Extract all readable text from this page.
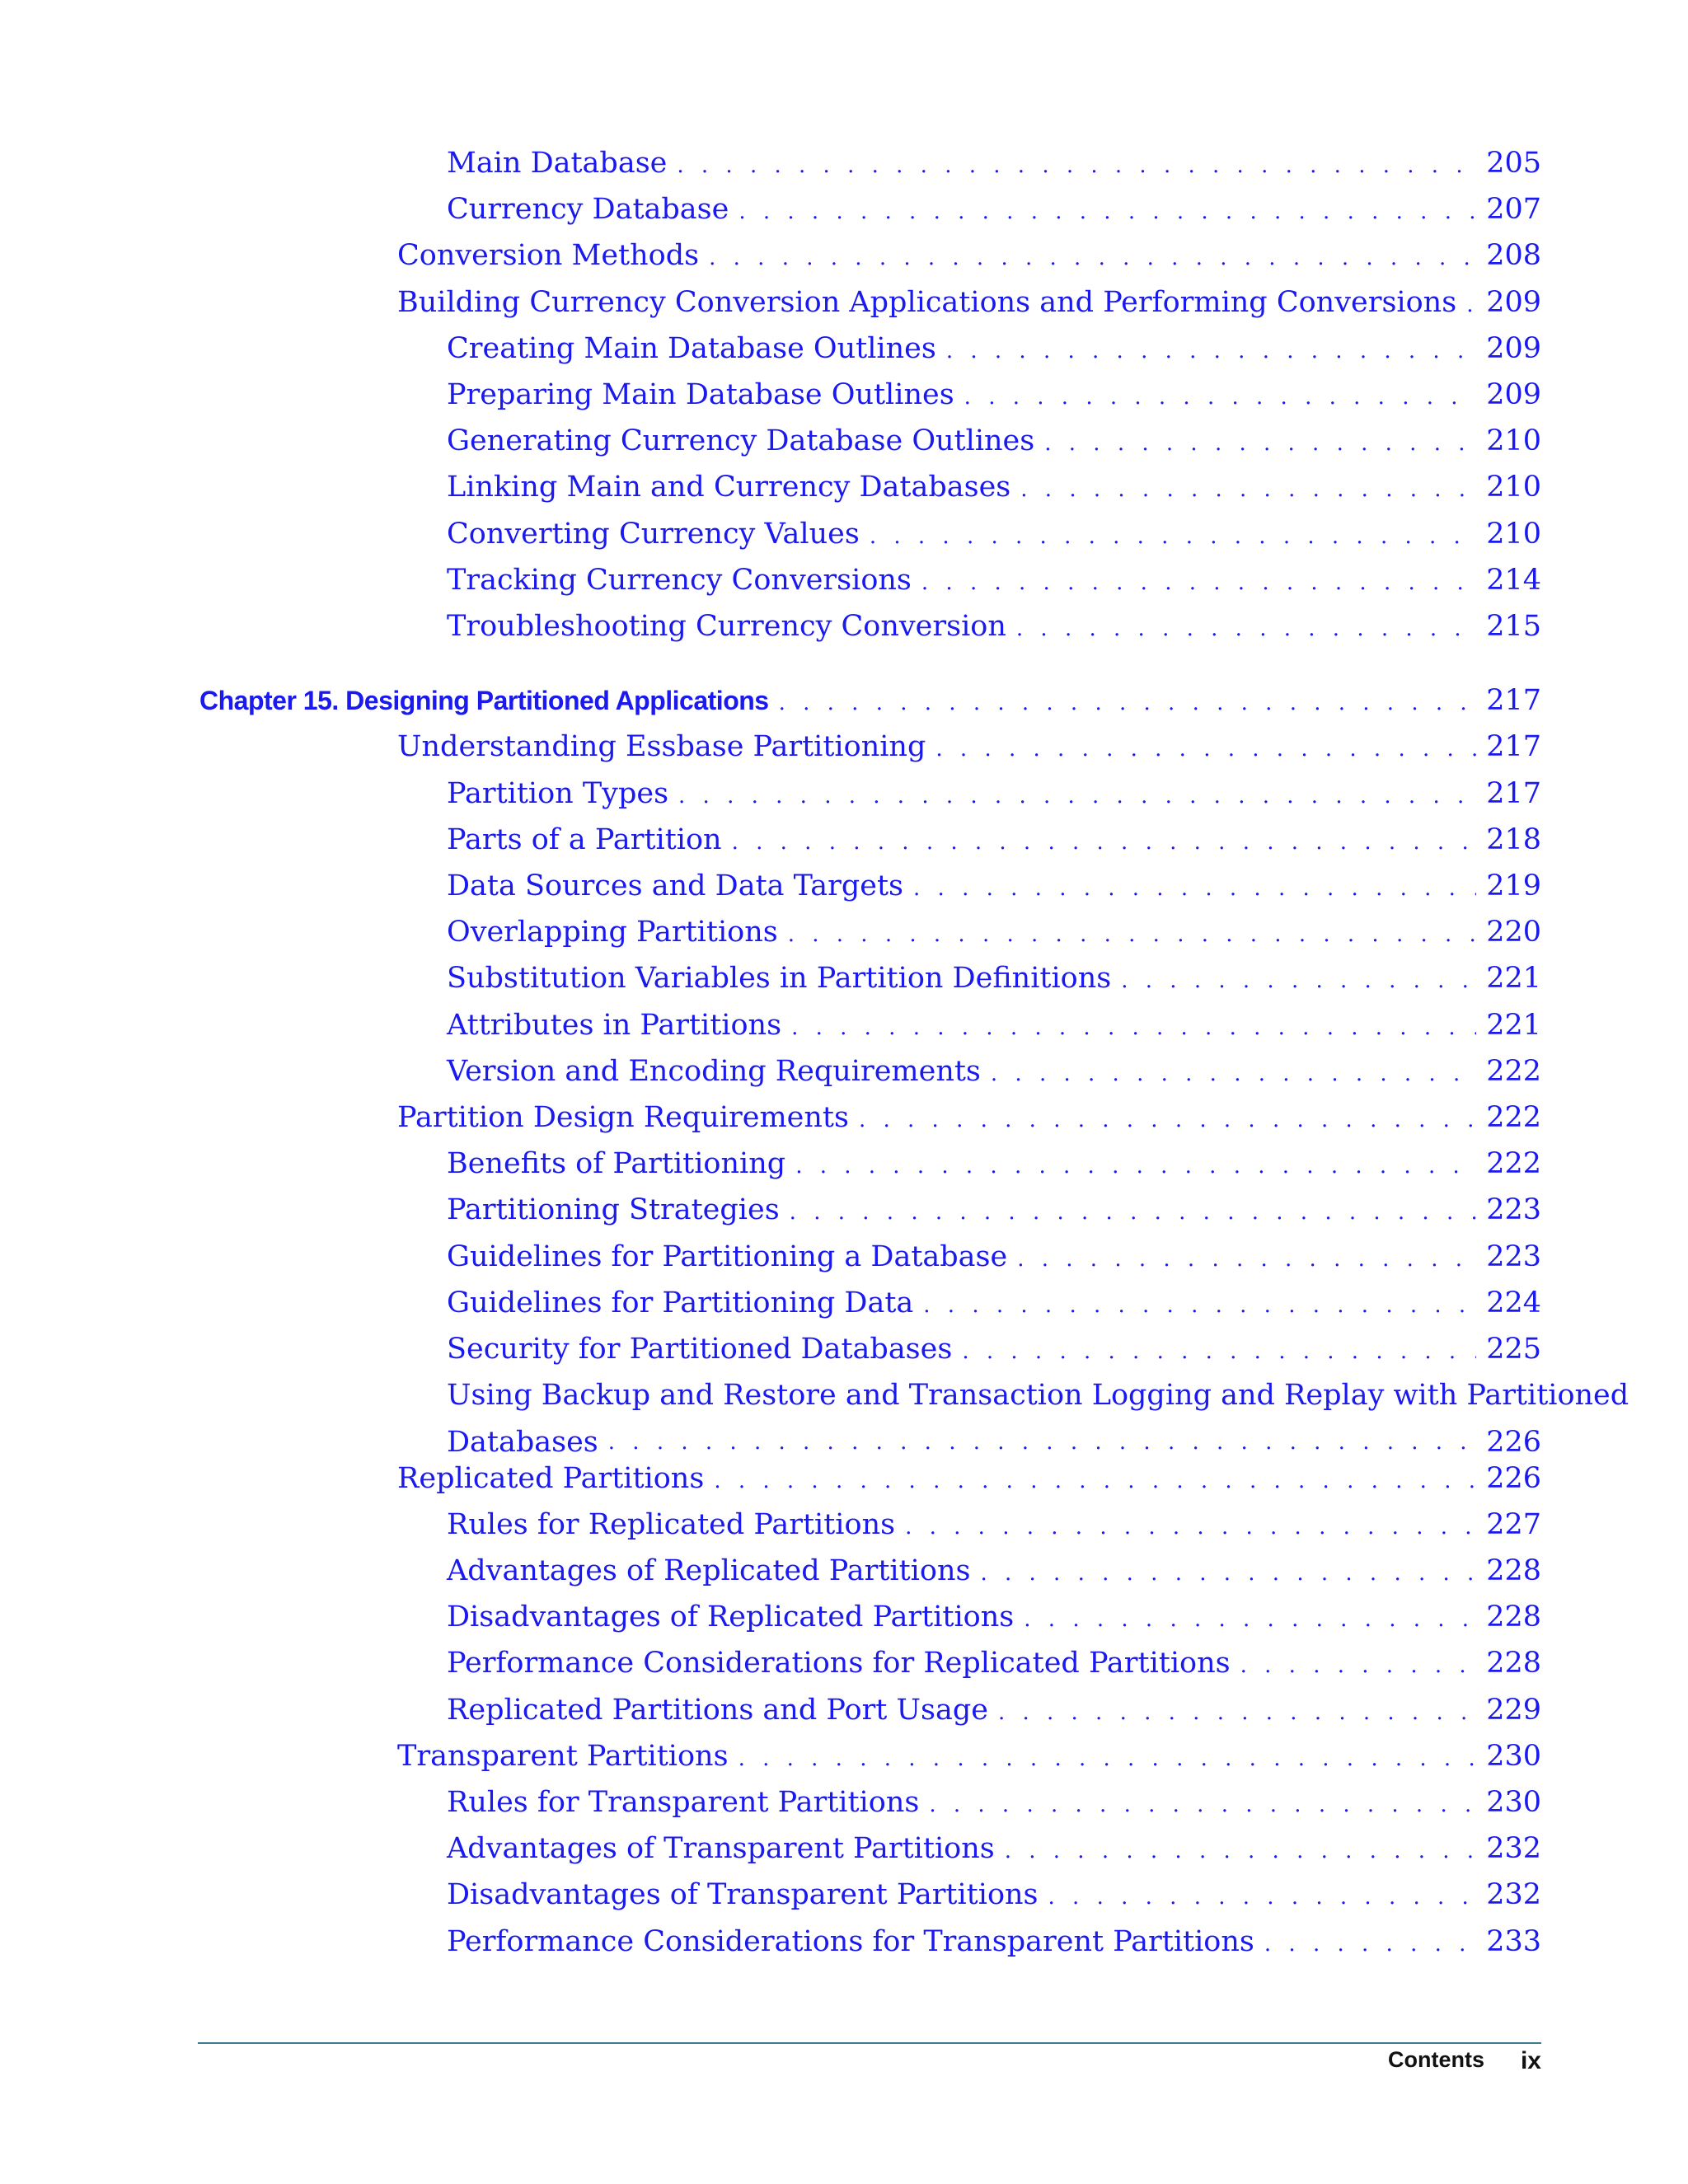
Main Database . . .	205
Currency Database . . .	207
Conversion Methods . . .	208
Building Currency Conversion Applications and Performing Conversions . . . 209
Creating Main Database Outlines . . .	209
Preparing Main Database Outlines . . .	209
Generating Currency Database Outlines . . .	210
Linking Main and Currency Databases . . .	210
Converting Currency Values . . .	210
Tracking Currency Conversions . . .	214
Troubleshooting Currency Conversion . . .	215
Chapter 15. Designing Partitioned Applications . . .	217
Understanding Essbase Partitioning . . .	217
Partition Types . . .	217
Parts of a Partition . . .	218
Data Sources and Data Targets . . .	219
Overlapping Partitions . . .	220
Substitution Variables in Partition Definitions . . .	221
Attributes in Partitions . . .	221
Version and Encoding Requirements . . .	222
Partition Design Requirements . . .	222
Benefits of Partitioning . . .	222
Partitioning Strategies . . .	223
Guidelines for Partitioning a Database . . .	223
Guidelines for Partitioning Data . . .	224
Security for Partitioned Databases . . .	225
Using Backup and Restore and Transaction Logging and Replay with Partitioned
Databases . . .	226
Replicated Partitions . . .	226
Rules for Replicated Partitions . . .	227
Advantages of Replicated Partitions . . .	228
Disadvantages of Replicated Partitions . . .	228
Performance Considerations for Replicated Partitions . . .	228
Replicated Partitions and Port Usage . . .	229
Transparent Partitions . . .	230
Rules for Transparent Partitions . . .	230
Advantages of Transparent Partitions . . .	232
Disadvantages of Transparent Partitions . . .	232
Performance Considerations for Transparent Partitions . . .	233
Contents ix
